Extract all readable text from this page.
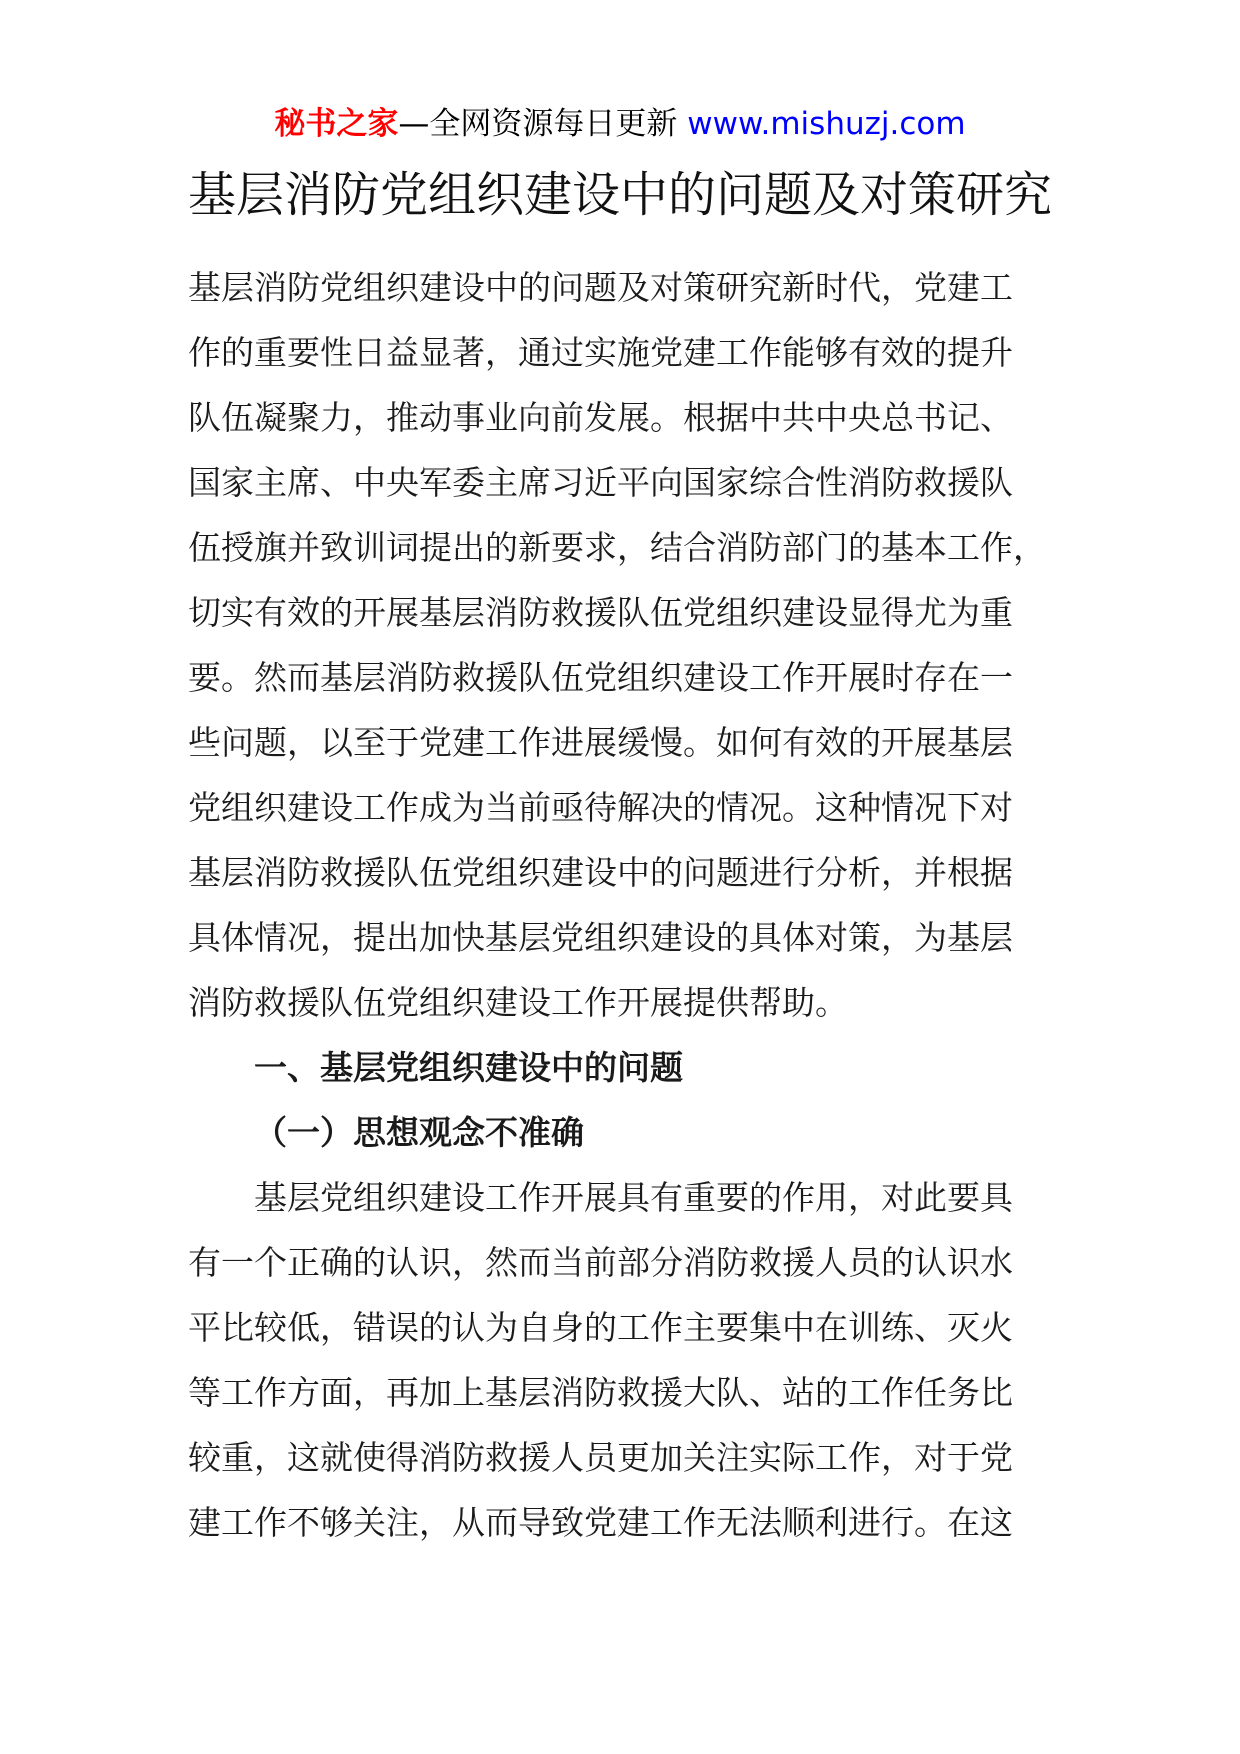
秘书之家—全网资源每日更新 www.mishuzj.com
基层消防党组织建设中的问题及对策研究
基层消防党组织建设中的问题及对策研究新时代，党建工
作的重要性日益显著，通过实施党建工作能够有效的提升
队伍凝聚力，推动事业向前发展。根据中共中央总书记、
国家主席、中央军委主席习近平向国家综合性消防救援队
伍授旗并致训词提出的新要求，结合消防部门的基本工作，
切实有效的开展基层消防救援队伍党组织建设显得尤为重
要。然而基层消防救援队伍党组织建设工作开展时存在一
些问题，以至于党建工作进展缓慢。如何有效的开展基层
党组织建设工作成为当前亟待解决的情况。这种情况下对
基层消防救援队伍党组织建设中的问题进行分析，并根据
具体情况，提出加快基层党组织建设的具体对策，为基层
消防救援队伍党组织建设工作开展提供帮助。
一、基层党组织建设中的问题
（一）思想观念不准确
基层党组织建设工作开展具有重要的作用，对此要具
有一个正确的认识，然而当前部分消防救援人员的认识水
平比较低，错误的认为自身的工作主要集中在训练、灭火
等工作方面，再加上基层消防救援大队、站的工作任务比
较重，这就使得消防救援人员更加关注实际工作，对于党
建工作不够关注，从而导致党建工作无法顺利进行。在这
